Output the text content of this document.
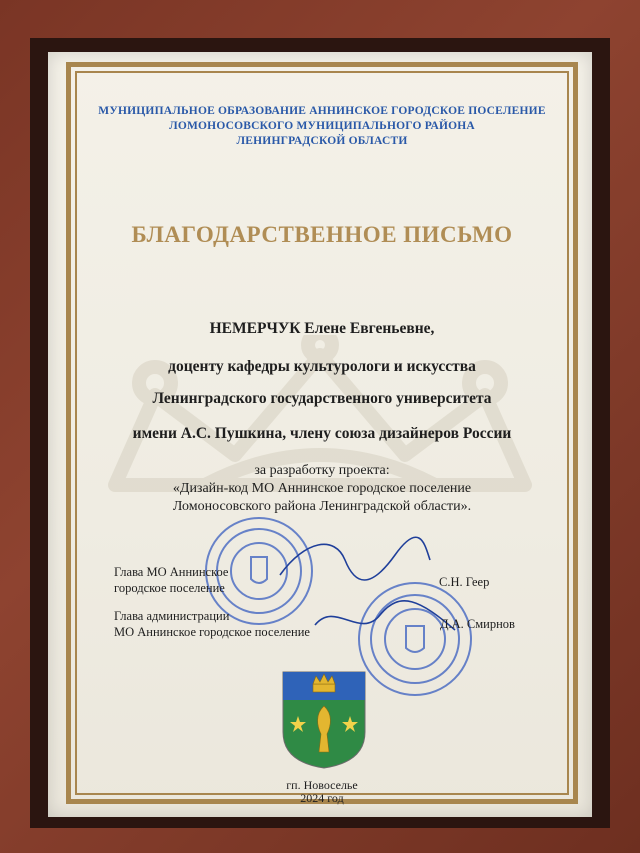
МУНИЦИПАЛЬНОЕ ОБРАЗОВАНИЕ АННИНСКОЕ ГОРОДСКОЕ ПОСЕЛЕНИЕ
ЛОМОНОСОВСКОГО МУНИЦИПАЛЬНОГО РАЙОНА
ЛЕНИНГРАДСКОЙ ОБЛАСТИ
БЛАГОДАРСТВЕННОЕ ПИСЬМО
НЕМЕРЧУК Елене Евгеньевне,
доценту кафедры культурологи и искусства
Ленинградского государственного университета
имени А.С. Пушкина, члену союза дизайнеров России
за разработку проекта:
«Дизайн-код МО Аннинское городское поселение
Ломоносовского района Ленинградской области».
Глава МО Аннинское
городское поселение	С.Н. Геер
Глава администрации
МО Аннинское городское поселение
Д.А. Смирнов
гп. Новоселье
2024 год
